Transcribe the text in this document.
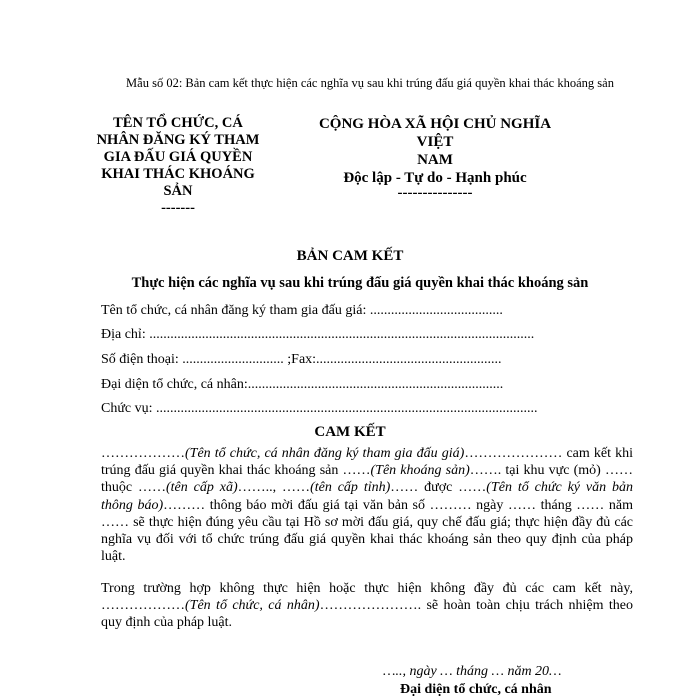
Mẫu số 02: Bản cam kết thực hiện các nghĩa vụ sau khi trúng đấu giá quyền khai thác khoáng sản
TÊN TỔ CHỨC, CÁ
NHÂN ĐĂNG KÝ THAM
GIA ĐẤU GIÁ QUYỀN
KHAI THÁC KHOÁNG
SẢN
-------
CỘNG HÒA XÃ HỘI CHỦ NGHĨA VIỆT
NAM
Độc lập - Tự do - Hạnh phúc
---------------
BẢN CAM KẾT
Thực hiện các nghĩa vụ sau khi trúng đấu giá quyền khai thác khoáng sản
Tên tổ chức, cá nhân đăng ký tham gia đấu giá: ......................................
Địa chỉ: ..............................................................................................................
Số điện thoại: ............................. ;Fax:.....................................................
Đại diện tổ chức, cá nhân:.........................................................................
Chức vụ: .............................................................................................................
CAM KẾT
………………(Tên tổ chức, cá nhân đăng ký tham gia đấu giá)………………… cam kết khi trúng đấu giá quyền khai thác khoáng sản ……(Tên khoáng sản)……. tại khu vực (mỏ) …… thuộc ……(tên cấp xã)…….., ……(tên cấp tỉnh)…… được ……(Tên tổ chức ký văn bản thông báo)……… thông báo mời đấu giá tại văn bản số ……… ngày …… tháng …… năm …… sẽ thực hiện đúng yêu cầu tại Hồ sơ mời đấu giá, quy chế đấu giá; thực hiện đầy đủ các nghĩa vụ đối với tổ chức trúng đấu giá quyền khai thác khoáng sản theo quy định của pháp luật.
Trong trường hợp không thực hiện hoặc thực hiện không đầy đủ các cam kết này, ………………(Tên tổ chức, cá nhân)…………………. sẽ hoàn toàn chịu trách nhiệm theo quy định của pháp luật.
….., ngày … tháng … năm 20…
Đại diện tổ chức, cá nhân
